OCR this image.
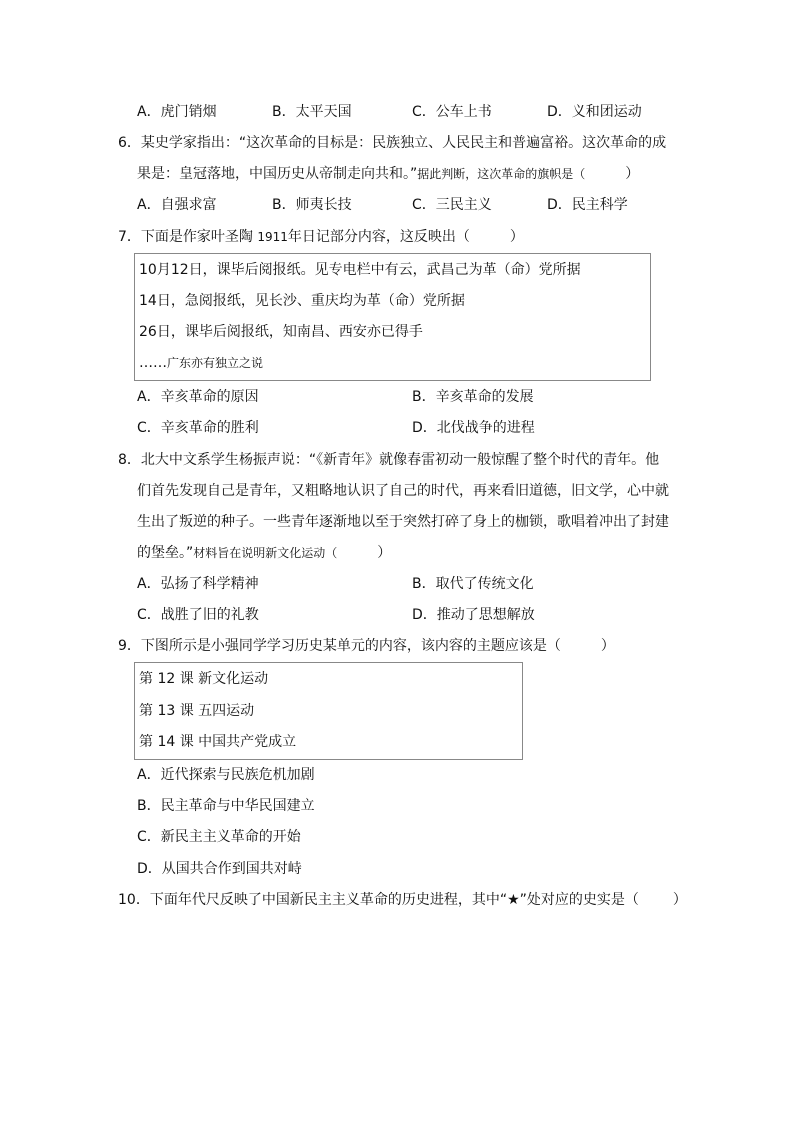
A．虎门销烟	B．太平天国	C．公车上书	D．义和团运动
6．某史学家指出：“这次革命的目标是：民族独立、人民民主和普遍富裕。这次革命的成
果是：皇冠落地，中国历史从帝制走向共和。”据此判断，这次革命的旗帜是（	）
A．自强求富	B．师夷长技	C．三民主义	D．民主科学
7．下面是作家叶圣陶 1911年日记部分内容，这反映出（	）
10月12日，课毕后阅报纸。见专电栏中有云，武昌己为革（命）党所据
14日，急阅报纸，见长沙、重庆均为革（命）党所据
26日，课毕后阅报纸，知南昌、西安亦已得手
……广东亦有独立之说
A．辛亥革命的原因	B．辛亥革命的发展
C．辛亥革命的胜利	D．北伐战争的进程
8．北大中文系学生杨振声说：“《新青年》就像春雷初动一般惊醒了整个时代的青年。他
们首先发现自己是青年，又粗略地认识了自己的时代，再来看旧道德，旧文学，心中就
生出了叛逆的种子。一些青年逐渐地以至于突然打碎了身上的枷锁，歌唱着冲出了封建
的堡垒。”材料旨在说明新文化运动（	）
A．弘扬了科学精神	B．取代了传统文化
C．战胜了旧的礼教	D．推动了思想解放
9．下图所示是小强同学学习历史某单元的内容，该内容的主题应该是（	）
第 12 课 新文化运动
第 13 课 五四运动
第 14 课 中国共产党成立
A．近代探索与民族危机加剧
B．民主革命与中华民国建立
C．新民主主义革命的开始
D．从国共合作到国共对峙
10．下面年代尺反映了中国新民主主义革命的历史进程，其中“★”处对应的史实是（ ）
